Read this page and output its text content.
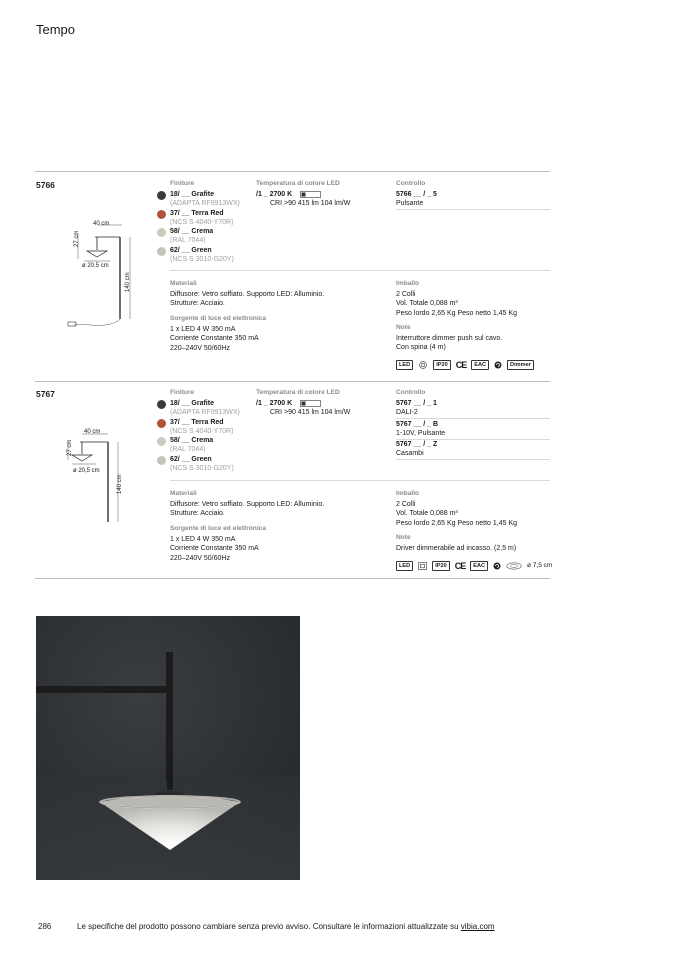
Tempo
5766
40 cm
27 cm
ø 20,5 cm
140 cm
Finiture	Temperatura di colore LED	Controllo
18/ __ Grafite
(ADAPTA RF9913WX)
37/ __ Terra Red
(NCS S 4040-Y70R)
58/ __ Crema
(RAL 7044)
62/ __ Green
(NCS S 3010-G20Y)
/1 _ 2700 K
CRI >90 415 lm 104 lm/W
5766 __ / _ 5
Pulsante
Materiali	Imballo
Diffusore: Vetro soffiato. Supporto LED: Alluminio.
Strutture: Acciaio.
Sorgente di luce ed elettronica
1 x LED 4 W 350 mA
Corriente Constante 350 mA
220–240V 50/60Hz
2 Colli
Vol. Totale 0,088 m³
Peso lordo 2,65 Kg Peso netto 1,45 Kg
Note
Interruttore dimmer push sul cavo.
Con spina (4 m)
LED	IP20 CE	EAC	Dimmer
5767
40 cm
27 cm
ø 20,5 cm
140 cm
Finiture	Temperatura di colore LED	Controllo
18/ __ Grafite
(ADAPTA RF9913WX)
37/ __ Terra Red
(NCS S 4040-Y70R)
58/ __ Crema
(RAL 7044)
62/ __ Green
(NCS S 3010-G20Y)
/1 _ 2700 K
CRI >90 415 lm 104 lm/W
5767 __ / _ 1
DALI-2
5767 __ / _ B
1-10V, Pulsante
5767 __ / _ Z
Casambi
Materiali	Imballo
Diffusore: Vetro soffiato. Supporto LED: Alluminio.
Strutture: Acciaio.
Sorgente di luce ed elettronica
1 x LED 4 W 350 mA
Corriente Constante 350 mA
220–240V 50/60Hz
2 Colli
Vol. Totale 0,088 m³
Peso lordo 2,65 Kg Peso netto 1,45 Kg
Note
Driver dimmerabile ad incasso. (2,5 m)
LED	IP20 CE	EAC	ø 7,5 cm
286	Le specifiche del prodotto possono cambiare senza previo avviso. Consultare le informazioni attualizzate su vibia.com
